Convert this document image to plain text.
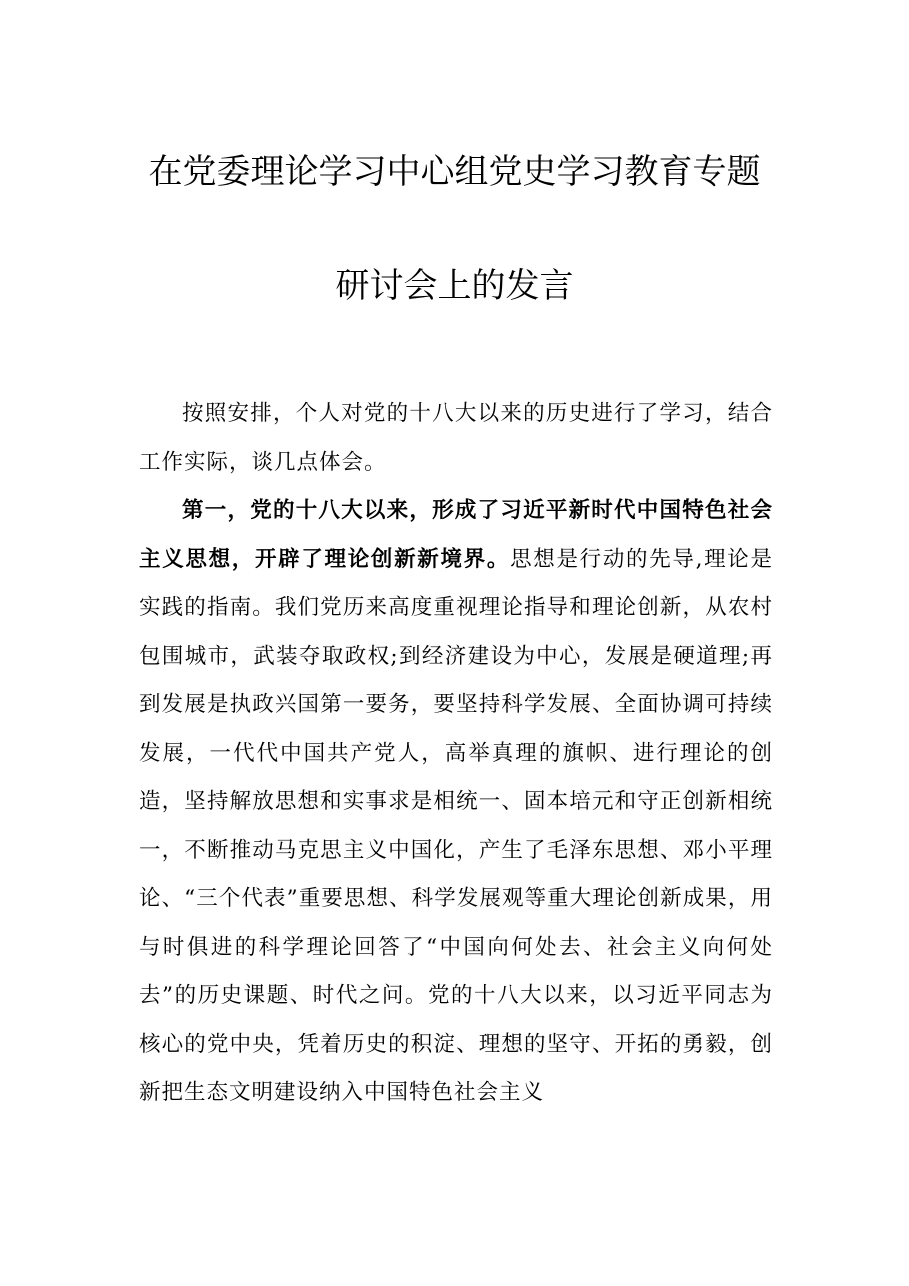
在党委理论学习中心组党史学习教育专题
研讨会上的发言

按照安排，个人对党的十八大以来的历史进行了学习，结合工作实际，谈几点体会。

第一，党的十八大以来，形成了习近平新时代中国特色社会主义思想，开辟了理论创新新境界。思想是行动的先导,理论是实践的指南。我们党历来高度重视理论指导和理论创新，从农村包围城市，武装夺取政权;到经济建设为中心，发展是硬道理;再到发展是执政兴国第一要务，要坚持科学发展、全面协调可持续发展，一代代中国共产党人，高举真理的旗帜、进行理论的创造，坚持解放思想和实事求是相统一、固本培元和守正创新相统一，不断推动马克思主义中国化，产生了毛泽东思想、邓小平理论、“三个代表”重要思想、科学发展观等重大理论创新成果，用与时俱进的科学理论回答了“中国向何处去、社会主义向何处去”的历史课题、时代之问。党的十八大以来，以习近平同志为核心的党中央，凭着历史的积淀、理想的坚守、开拓的勇毅，创新把生态文明建设纳入中国特色社会主义
